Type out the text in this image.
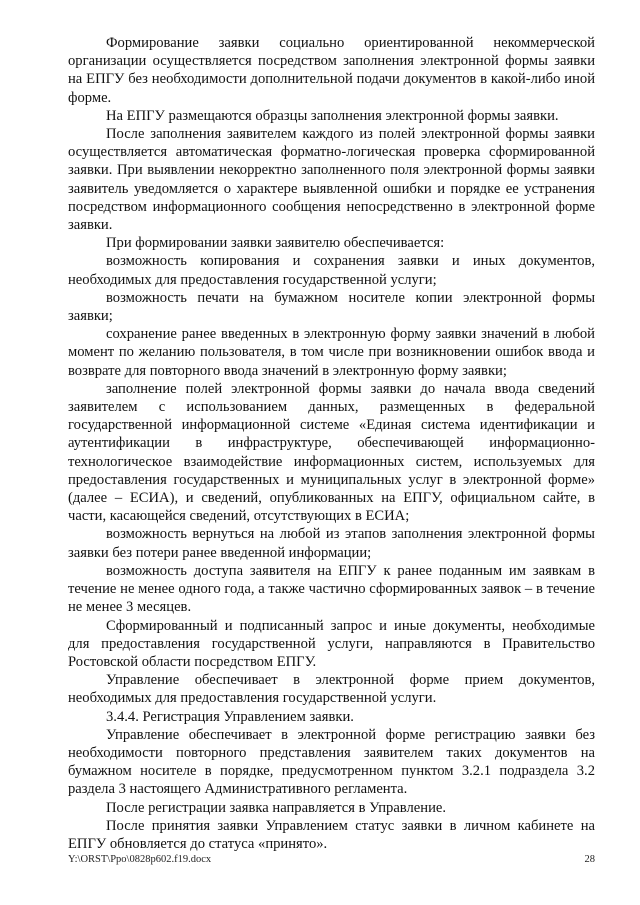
Формирование заявки социально ориентированной некоммерческой организации осуществляется посредством заполнения электронной формы заявки на ЕПГУ без необходимости дополнительной подачи документов в какой-либо иной форме.

На ЕПГУ размещаются образцы заполнения электронной формы заявки.

После заполнения заявителем каждого из полей электронной формы заявки осуществляется автоматическая форматно-логическая проверка сформированной заявки. При выявлении некорректно заполненного поля электронной формы заявки заявитель уведомляется о характере выявленной ошибки и порядке ее устранения посредством информационного сообщения непосредственно в электронной форме заявки.

При формировании заявки заявителю обеспечивается:

возможность копирования и сохранения заявки и иных документов, необходимых для предоставления государственной услуги;

возможность печати на бумажном носителе копии электронной формы заявки;

сохранение ранее введенных в электронную форму заявки значений в любой момент по желанию пользователя, в том числе при возникновении ошибок ввода и возврате для повторного ввода значений в электронную форму заявки;

заполнение полей электронной формы заявки до начала ввода сведений заявителем с использованием данных, размещенных в федеральной государственной информационной системе «Единая система идентификации и аутентификации в инфраструктуре, обеспечивающей информационно-технологическое взаимодействие информационных систем, используемых для предоставления государственных и муниципальных услуг в электронной форме» (далее – ЕСИА), и сведений, опубликованных на ЕПГУ, официальном сайте, в части, касающейся сведений, отсутствующих в ЕСИА;

возможность вернуться на любой из этапов заполнения электронной формы заявки без потери ранее введенной информации;

возможность доступа заявителя на ЕПГУ к ранее поданным им заявкам в течение не менее одного года, а также частично сформированных заявок – в течение не менее 3 месяцев.

Сформированный и подписанный запрос и иные документы, необходимые для предоставления государственной услуги, направляются в Правительство Ростовской области посредством ЕПГУ.

Управление обеспечивает в электронной форме прием документов, необходимых для предоставления государственной услуги.

3.4.4. Регистрация Управлением заявки.

Управление обеспечивает в электронной форме регистрацию заявки без необходимости повторного представления заявителем таких документов на бумажном носителе в порядке, предусмотренном пунктом 3.2.1 подраздела 3.2 раздела 3 настоящего Административного регламента.

После регистрации заявка направляется в Управление.

После принятия заявки Управлением статус заявки в личном кабинете на ЕПГУ обновляется до статуса «принято».

Y:\ORST\Ppo\0828p602.f19.docx	28
